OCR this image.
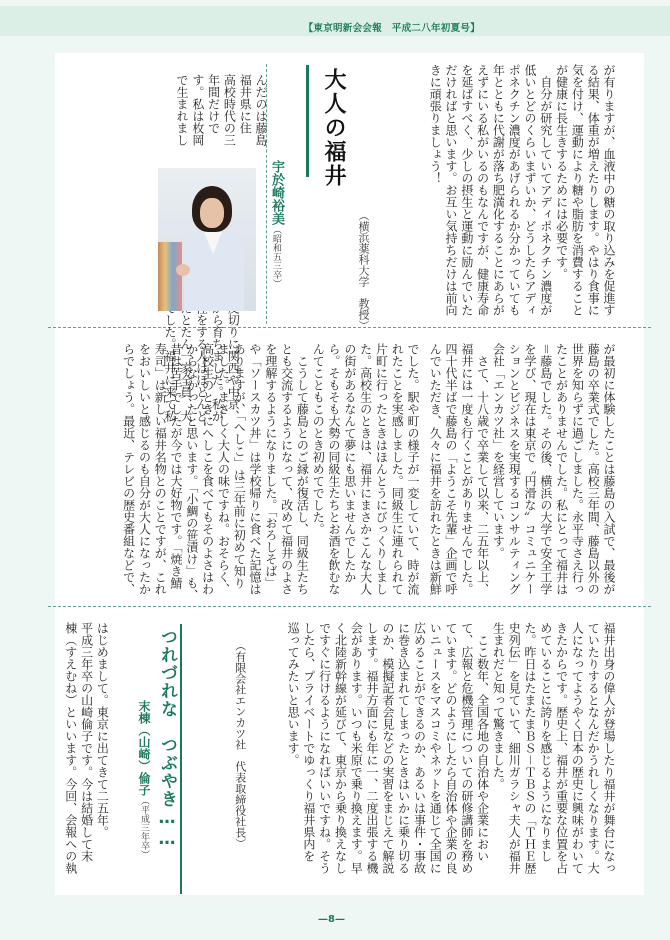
【東京明新会会報　平成二八年初夏号】
が有りますが、血液中の糖の取り込みを促進す
る結果、体重が増えたりします。やはり食事に
気を付け、運動により糖や脂肪を消費すること
が健康に長生きするためには必要です。
　自分が研究していてアディポネクチン濃度が
低いとどのくらいまずいか、どうしたらアディ
ポネクチン濃度があげられるか分かっていても
年とともに代謝が落ち肥満化することにあらが
えずにいる私がいるのもなんですが、健康寿命
を延ばすべく、少しの摂生と運動に励んでいた
だければと思います。お互い気持ちだけは前向
きに頑張りましょう！
大人の福井
（横浜薬科大学　教授）
宇於崎裕美（昭和五三卒）
んだのは藤島
福井県に住
高校時代の三
年間だけで
す。私は枚岡
で生まれまし
が最初に体験したことは藤島の入試で、最後が
藤島の卒業式でした。高校三年間、藤島以外の
世界を知らずに過ごしました。永平寺さえ行っ
たことがありませんでした。私にとって福井は
＝藤島でした。その後、横浜の大学で安全工学
を学び、現在は東京で〝円滑な〟コミュニケー
ションとビジネスを実現するコンサルティング
会社「エンカツ社」を経営しています。
　さて、十八歳で卒業して以来、二五年以上、
福井には一度も行くことがありませんでした。
四十代半ばで藤島の「ようこそ先輩」企画で呼
んでいただき、久々に福井を訪れたときは新鮮
でした。駅や町の様子が一変していて、時が流
れたことを実感しました。同級生に連れられて
片町に行ったときはほんとうにびっくりしまし
た。高校生のときは、福井にまさかこんな大人
の街があるなんて夢にも思いませんでしたか
ら。そもそも大勢の同級生たちとお酒を飲むな
んてこともこのとき初めてでした。
　こうして藤島とのご縁が復活し、同級生たち
とも交流するようになって、改めて福井のよさ
を理解するようになりました。「おろしそば」
や「ソースカツ丼」は学校帰りに食べた記憶は
ありますが、「へしこ」は三年前に初めて知り
ました。まさしく大人の味ですね。おそらく、
高校生のときにへしこを食べてもそのよさはわ
からなかったと思います。「小鯛の笹漬け」も、
昔は苦手でしたが今では大好物です。「焼き鯖
寿司」は新しい福井名物とのことですが、これ
をおいしいと感じるのも自分が大人になったか
らでしょう。最近、テレビの歴史番組などで、
福井出身の偉人が登場したり福井が舞台になっ
ていたりするとなんだかうれしくなります。大
人になってようやく日本の歴史に興味がわいて
きたからです。歴史上、福井が重要な位置を占
めていることに誇りを感じるようになりまし
た。昨日はたまたまＢＳ－ＴＢＳの「ＴＨＥ歴
史列伝」を見ていて、細川ガラシャ夫人が福井
生まれだと知って驚きました。
　ここ数年、全国各地の自治体や企業におい
て、広報と危機管理についての研修講師を務め
ています。どのようにしたら自治体や企業の良
いニュースをマスコミやネットを通じて全国に
広めることができるのか、あるいは事件・事故
に巻き込まれてしまったときはいかに乗り切る
のか、模擬記者会見などの実習をまじえて解説
します。福井方面にも年に一、二度出張する機
会があります。いつも米原で乗り換えます。早
く北陸新幹線が延びて、東京から乗り換えなし
ですぐに行けるようになればいいですね。そう
したら、プライベートでゆっくり福井県内を
巡ってみたいと思います。
（有限会社エンカツ社　代表取締役社長）
つれづれな　つぶやき……
末棟（山崎）倫子（平成三年卒）
はじめまして。東京に出てきて二五年。
平成三年卒の山崎倫子です。今は結婚して末
棟（すえむね）といいます。今回、会報への執
—8—
